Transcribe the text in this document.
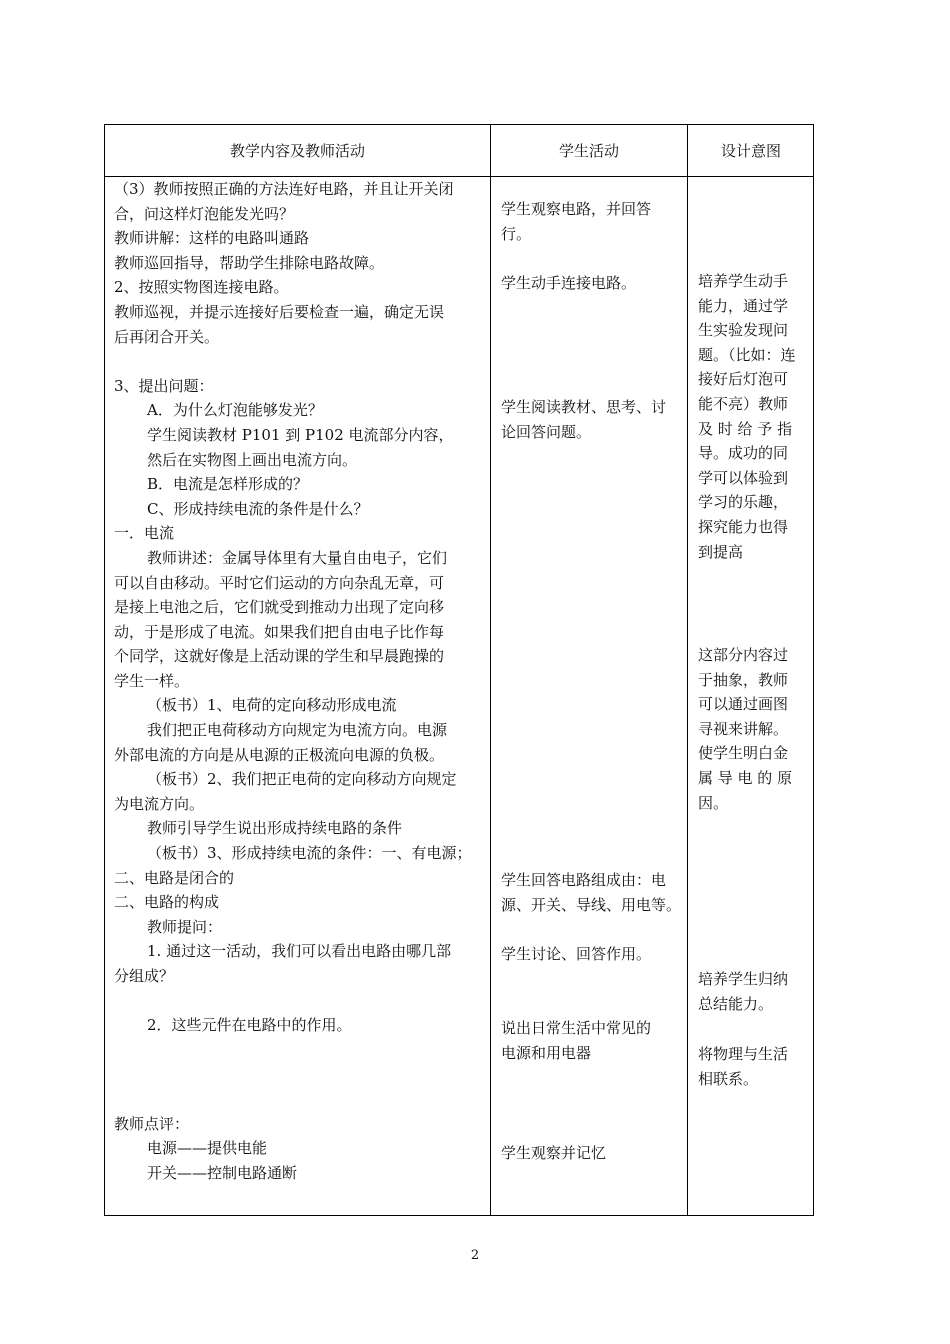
教学内容及教师活动	学生活动	设计意图
（3）教师按照正确的方法连好电路，并且让开关闭
合，问这样灯泡能发光吗？
教师讲解：这样的电路叫通路
教师巡回指导，帮助学生排除电路故障。
2、按照实物图连接电路。
教师巡视，并提示连接好后要检查一遍，确定无误
后再闭合开关。
3、提出问题：
A．为什么灯泡能够发光？
学生阅读教材 P101 到 P102 电流部分内容，
然后在实物图上画出电流方向。
B．电流是怎样形成的？
C、形成持续电流的条件是什么？
一．电流
教师讲述：金属导体里有大量自由电子，它们
可以自由移动。平时它们运动的方向杂乱无章，可
是接上电池之后，它们就受到推动力出现了定向移
动，于是形成了电流。如果我们把自由电子比作每
个同学，这就好像是上活动课的学生和早晨跑操的
学生一样。
（板书）1、电荷的定向移动形成电流
我们把正电荷移动方向规定为电流方向。电源
外部电流的方向是从电源的正极流向电源的负极。
（板书）2、我们把正电荷的定向移动方向规定
为电流方向。
教师引导学生说出形成持续电路的条件
（板书）3、形成持续电流的条件：一、有电源；
二、电路是闭合的
二、电路的构成
教师提问：
1. 通过这一活动，我们可以看出电路由哪几部
分组成？
2．这些元件在电路中的作用。
教师点评：
电源——提供电能
开关——控制电路通断
学生观察电路，并回答
行。
学生动手连接电路。
学生阅读教材、思考、讨
论回答问题。
学生回答电路组成由：电
源、开关、导线、用电等。
学生讨论、回答作用。
说出日常生活中常见的
电源和用电器
学生观察并记忆
培养学生动手
能力，通过学
生实验发现问
题。（比如：连
接好后灯泡可
能不亮）教师
及 时 给 予 指
导。成功的同
学可以体验到
学习的乐趣，
探究能力也得
到提高
这部分内容过
于抽象，教师
可以通过画图
寻视来讲解。
使学生明白金
属 导 电 的 原
因。
培养学生归纳
总结能力。
将物理与生活
相联系。
2
